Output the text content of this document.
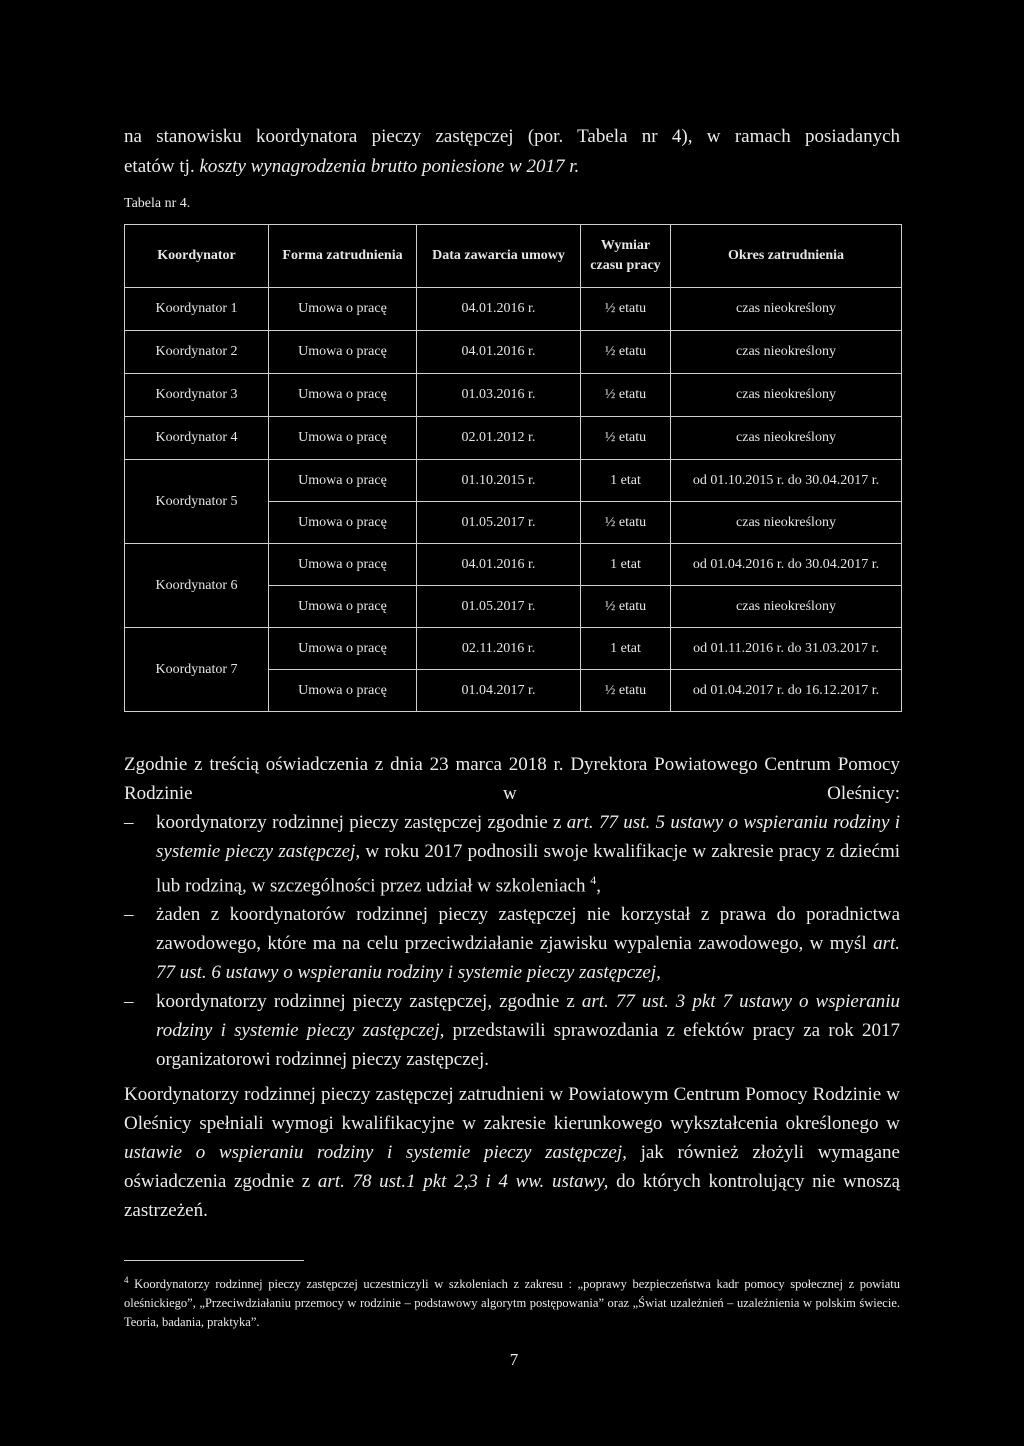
na stanowisku koordynatora pieczy zastępczej (por. Tabela nr 4), w ramach posiadanych

etatów tj. koszty wynagrodzenia brutto poniesione w 2017 r.

Tabela nr 4.
Koordynator	Forma zatrudnienia	Data zawarcia umowy	Wymiar czasu pracy	Okres zatrudnienia
Koordynator 1	Umowa o pracę	04.01.2016 r.	½ etatu	czas nieokreślony
Koordynator 2	Umowa o pracę	04.01.2016 r.	½ etatu	czas nieokreślony
Koordynator 3	Umowa o pracę	01.03.2016 r.	½ etatu	czas nieokreślony
Koordynator 4	Umowa o pracę	02.01.2012 r.	½ etatu	czas nieokreślony
Koordynator 5	Umowa o pracę	01.10.2015 r.	1 etat	od 01.10.2015 r. do 30.04.2017 r.
	Umowa o pracę	01.05.2017 r.	½ etatu	czas nieokreślony
Koordynator 6	Umowa o pracę	04.01.2016 r.	1 etat	od 01.04.2016 r. do 30.04.2017 r.
	Umowa o pracę	01.05.2017 r.	½ etatu	czas nieokreślony
Koordynator 7	Umowa o pracę	02.11.2016 r.	1 etat	od 01.11.2016 r. do 31.03.2017 r.
	Umowa o pracę	01.04.2017 r.	½ etatu	od 01.04.2017 r. do 16.12.2017 r.

Zgodnie z treścią oświadczenia z dnia 23 marca 2018 r. Dyrektora Powiatowego Centrum Pomocy Rodzinie w Oleśnicy:

– koordynatorzy rodzinnej pieczy zastępczej zgodnie z art. 77 ust. 5 ustawy o wspieraniu rodziny i systemie pieczy zastępczej, w roku 2017 podnosili swoje kwalifikacje w zakresie pracy z dziećmi lub rodziną, w szczególności przez udział w szkoleniach $^4$,
– żaden z koordynatorów rodzinnej pieczy zastępczej nie korzystał z prawa do poradnictwa zawodowego, które ma na celu przeciwdziałanie zjawisku wypalenia zawodowego, w myśl art. 77 ust. 6 ustawy o wspieraniu rodziny i systemie pieczy zastępczej,
– koordynatorzy rodzinnej pieczy zastępczej, zgodnie z art. 77 ust. 3 pkt 7 ustawy o wspieraniu rodziny i systemie pieczy zastępczej, przedstawili sprawozdania z efektów pracy za rok 2017 organizatorowi rodzinnej pieczy zastępczej.
Koordynatorzy rodzinnej pieczy zastępczej zatrudnieni w Powiatowym Centrum Pomocy Rodzinie w Oleśnicy spełniali wymogi kwalifikacyjne w zakresie kierunkowego wykształcenia określonego w ustawie o wspieraniu rodziny i systemie pieczy zastępczej, jak również złożyli wymagane oświadczenia zgodnie z art. 78 ust.1 pkt 2,3 i 4 ww. ustawy, do których kontrolujący nie wnoszą zastrzeżeń.
$^4$ Koordynatorzy rodzinnej pieczy zastępczej uczestniczyli w szkoleniach z zakresu : „poprawy bezpieczeństwa kadr pomocy społecznej z powiatu oleśnickiego”, „Przeciwdziałaniu przemocy w rodzinie – podstawowy algorytm postępowania” oraz „Świat uzależnień – uzależnienia w polskim świecie. Teoria, badania, praktyka”.
7
